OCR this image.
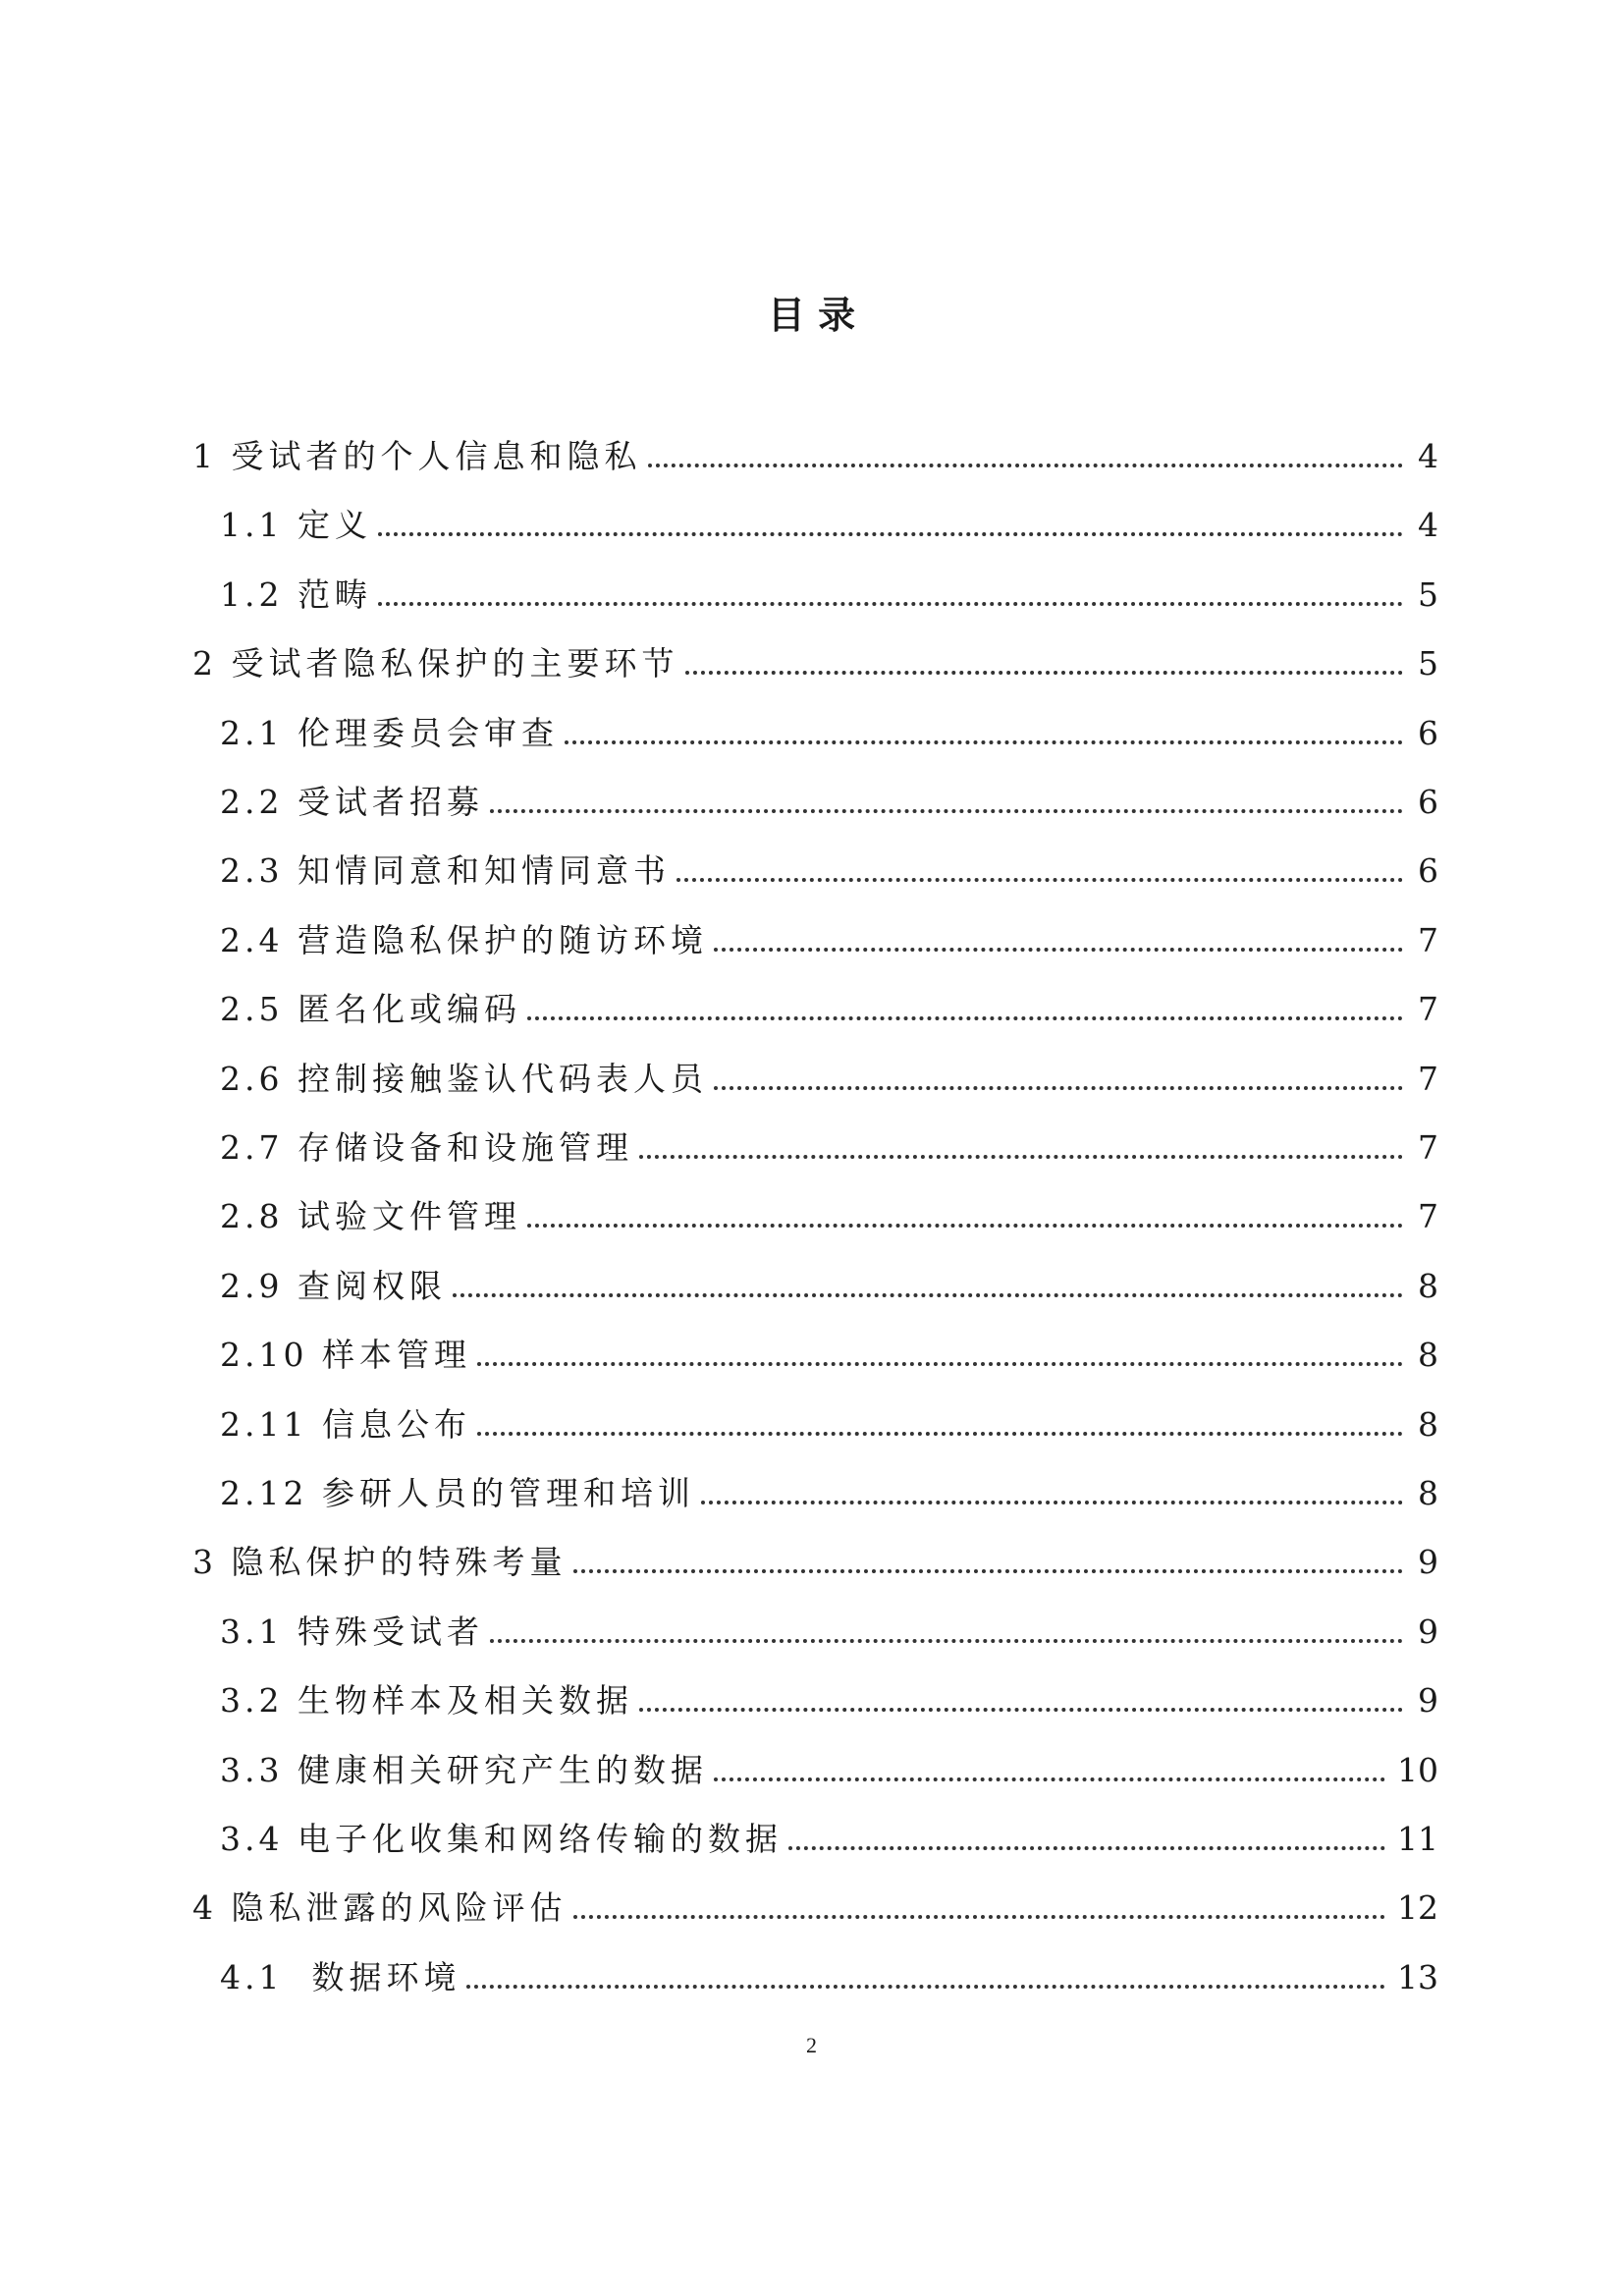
目 录
1 受试者的个人信息和隐私	4
1.1 定义	4
1.2 范畴	5
2 受试者隐私保护的主要环节	5
2.1 伦理委员会审查	6
2.2 受试者招募	6
2.3 知情同意和知情同意书	6
2.4 营造隐私保护的随访环境	7
2.5 匿名化或编码	7
2.6 控制接触鉴认代码表人员	7
2.7 存储设备和设施管理	7
2.8 试验文件管理	7
2.9 查阅权限	8
2.10 样本管理	8
2.11 信息公布	8
2.12 参研人员的管理和培训	8
3 隐私保护的特殊考量	9
3.1 特殊受试者	9
3.2 生物样本及相关数据	9
3.3 健康相关研究产生的数据	10
3.4 电子化收集和网络传输的数据	11
4 隐私泄露的风险评估	12
4.1 数据环境	13
2
